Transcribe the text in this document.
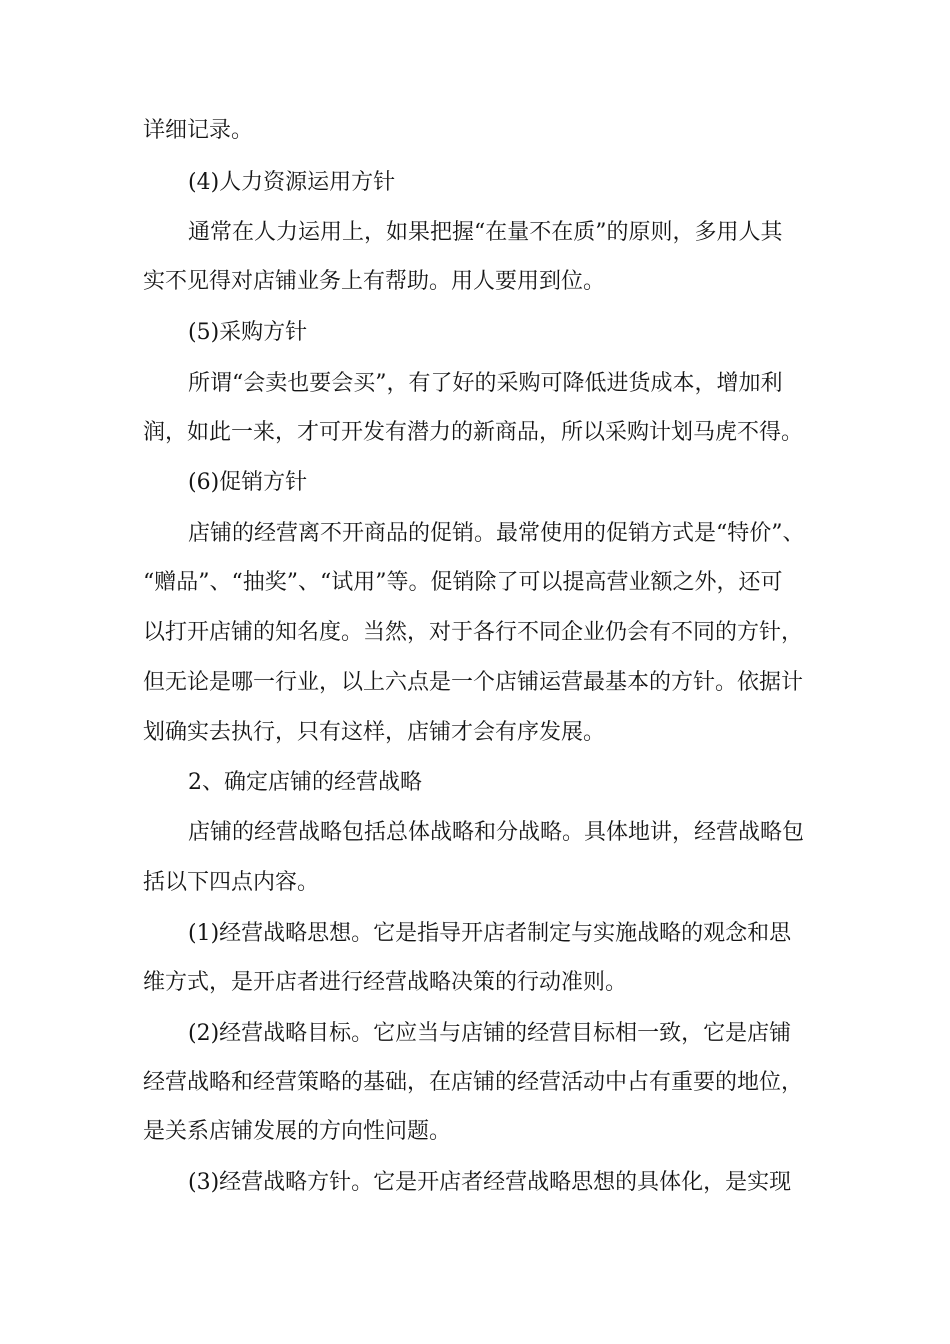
详细记录。

(4)人力资源运用方针

通常在人力运用上，如果把握“在量不在质”的原则，多用人其

实不见得对店铺业务上有帮助。用人要用到位。

(5)采购方针

所谓“会卖也要会买”，有了好的采购可降低进货成本，增加利

润，如此一来，才可开发有潜力的新商品，所以采购计划马虎不得。

(6)促销方针

店铺的经营离不开商品的促销。最常使用的促销方式是“特价”、

“赠品”、“抽奖”、“试用”等。促销除了可以提高营业额之外，还可

以打开店铺的知名度。当然，对于各行不同企业仍会有不同的方针，

但无论是哪一行业，以上六点是一个店铺运营最基本的方针。依据计

划确实去执行，只有这样，店铺才会有序发展。

2、确定店铺的经营战略

店铺的经营战略包括总体战略和分战略。具体地讲，经营战略包

括以下四点内容。

(1)经营战略思想。它是指导开店者制定与实施战略的观念和思

维方式，是开店者进行经营战略决策的行动准则。

(2)经营战略目标。它应当与店铺的经营目标相一致，它是店铺

经营战略和经营策略的基础，在店铺的经营活动中占有重要的地位，

是关系店铺发展的方向性问题。

(3)经营战略方针。它是开店者经营战略思想的具体化，是实现
